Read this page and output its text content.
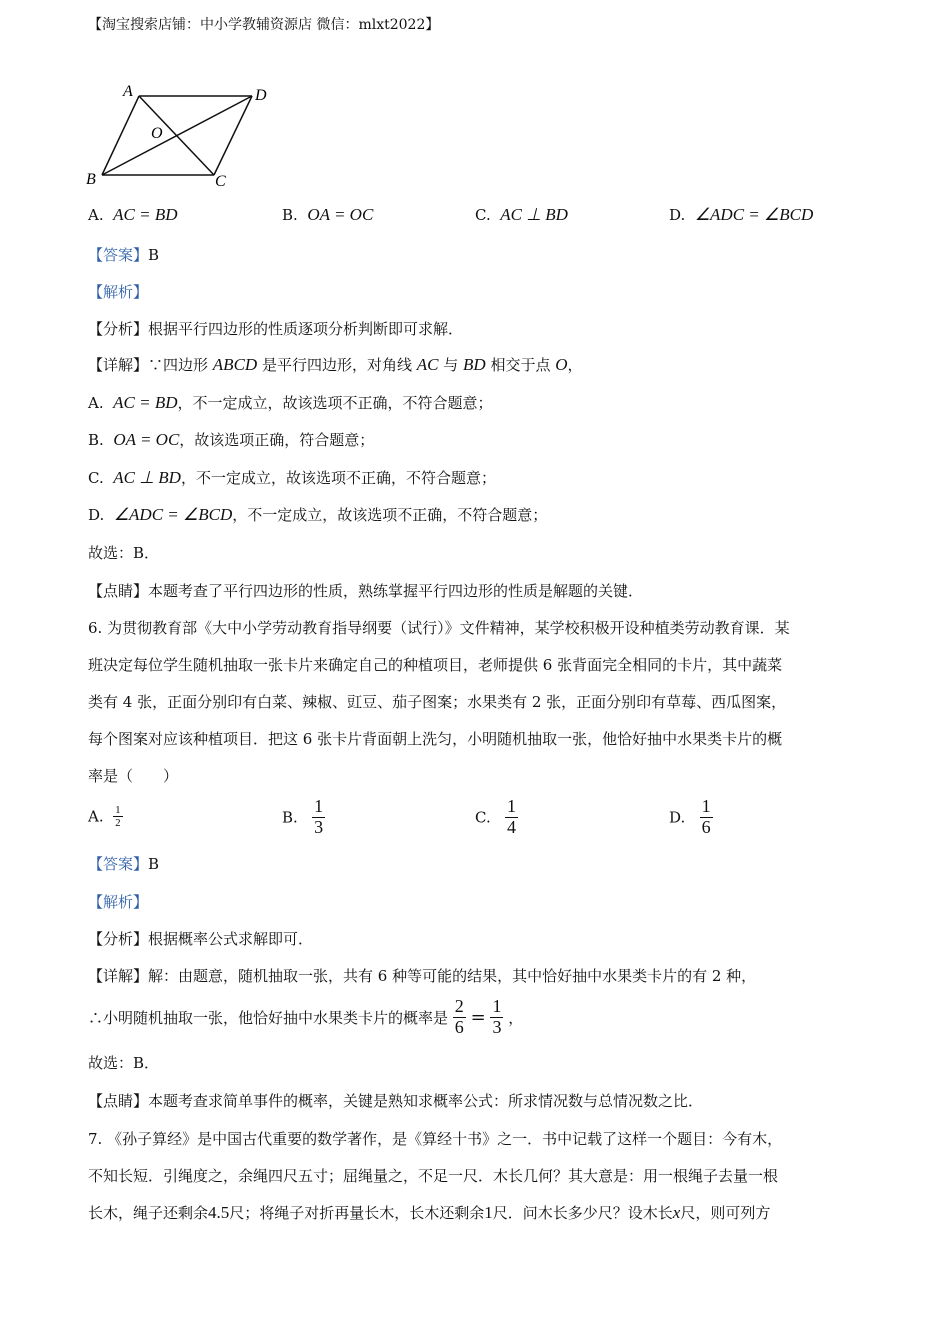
【淘宝搜索店铺：中小学教辅资源店 微信：mlxt2022】
A	D
O
B	C
A. AC = BD	B. OA = OC	C. AC ⊥ BD	D. ∠ADC = ∠BCD
【答案】B
【解析】
【分析】根据平行四边形的性质逐项分析判断即可求解．
【详解】∵四边形 ABCD 是平行四边形，对角线 AC 与 BD 相交于点 O，
A. AC = BD，不一定成立，故该选项不正确，不符合题意；
B. OA = OC，故该选项正确，符合题意；
C. AC ⊥ BD，不一定成立，故该选项不正确，不符合题意；
D. ∠ADC = ∠BCD，不一定成立，故该选项不正确，不符合题意；
故选：B．
【点睛】本题考查了平行四边形的性质，熟练掌握平行四边形的性质是解题的关键．
6. 为贯彻教育部《大中小学劳动教育指导纲要（试行）》文件精神，某学校积极开设种植类劳动教育课．某
班决定每位学生随机抽取一张卡片来确定自己的种植项目，老师提供 6 张背面完全相同的卡片，其中蔬菜
类有 4 张，正面分别印有白菜、辣椒、豇豆、茄子图案；水果类有 2 张，正面分别印有草莓、西瓜图案，
每个图案对应该种植项目．把这 6 张卡片背面朝上洗匀，小明随机抽取一张，他恰好抽中水果类卡片的概
率是（　　）
A. $\frac{1}{2}$	B. $\frac{1}{3}$	C. $\frac{1}{4}$	D. $\frac{1}{6}$
【答案】B
【解析】
【分析】根据概率公式求解即可．
【详解】解：由题意，随机抽取一张，共有 6 种等可能的结果，其中恰好抽中水果类卡片的有 2 种，
∴小明随机抽取一张，他恰好抽中水果类卡片的概率是 $\frac{2}{6} = \frac{1}{3}$ ，
故选：B．
【点睛】本题考查求简单事件的概率，关键是熟知求概率公式：所求情况数与总情况数之比．
7. 《孙子算经》是中国古代重要的数学著作，是《算经十书》之一．书中记载了这样一个题目：今有木，
不知长短．引绳度之，余绳四尺五寸；屈绳量之，不足一尺．木长几何？其大意是：用一根绳子去量一根
长木，绳子还剩余4.5尺；将绳子对折再量长木，长木还剩余1尺．问木长多少尺？设木长x尺，则可列方
